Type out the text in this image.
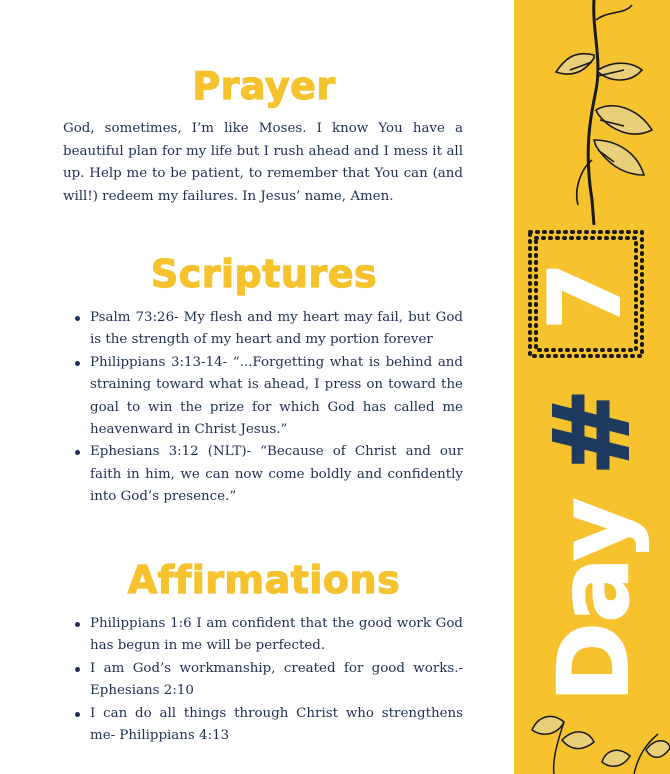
Prayer

God, sometimes, I’m like Moses. I know You have a beautiful plan for my life but I rush ahead and I mess it all up. Help me to be patient, to remember that You can (and will!) redeem my failures. In Jesus’ name, Amen.

Scriptures
Psalm 73:26- My flesh and my heart may fail, but God is the strength of my heart and my portion forever
Philippians 3:13-14- “...Forgetting what is behind and straining toward what is ahead, I press on toward the goal to win the prize for which God has called me heavenward in Christ Jesus.”
Ephesians 3:12 (NLT)- “Because of Christ and our faith in him, we can now come boldly and confidently into God’s presence.”
Affirmations
Philippians 1:6 I am confident that the good work God has begun in me will be perfected.
I am God’s workmanship, created for good works.- Ephesians 2:10
I can do all things through Christ who strengthens me- Philippians 4:13
7
#
Day
